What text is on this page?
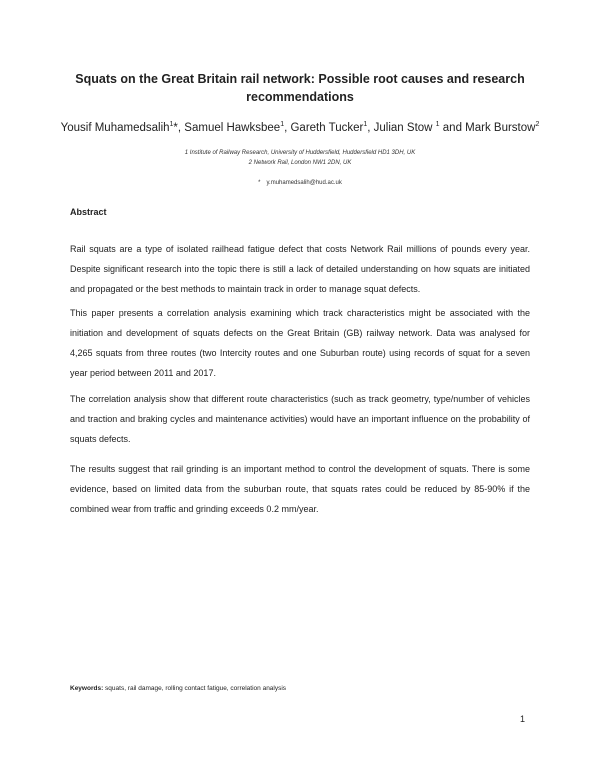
Squats on the Great Britain rail network: Possible root causes and research recommendations
Yousif Muhamedsalih$^1$*, Samuel Hawksbee$^1$, Gareth Tucker$^1$, Julian Stow $^1$ and Mark Burstow$^2$
1 Institute of Railway Research, University of Huddersfield, Huddersfield HD1 3DH, UK
2 Network Rail, London NW1 2DN, UK
* y.muhamedsalih@hud.ac.uk
Abstract

Rail squats are a type of isolated railhead fatigue defect that costs Network Rail millions of pounds every year. Despite significant research into the topic there is still a lack of detailed understanding on how squats are initiated and propagated or the best methods to maintain track in order to manage squat defects.

This paper presents a correlation analysis examining which track characteristics might be associated with the initiation and development of squats defects on the Great Britain (GB) railway network. Data was analysed for 4,265 squats from three routes (two Intercity routes and one Suburban route) using records of squat for a seven year period between 2011 and 2017.

The correlation analysis show that different route characteristics (such as track geometry, type/number of vehicles and traction and braking cycles and maintenance activities) would have an important influence on the probability of squats defects.

The results suggest that rail grinding is an important method to control the development of squats. There is some evidence, based on limited data from the suburban route, that squats rates could be reduced by 85-90% if the combined wear from traffic and grinding exceeds 0.2 mm/year.

Keywords: squats, rail damage, rolling contact fatigue, correlation analysis
1
